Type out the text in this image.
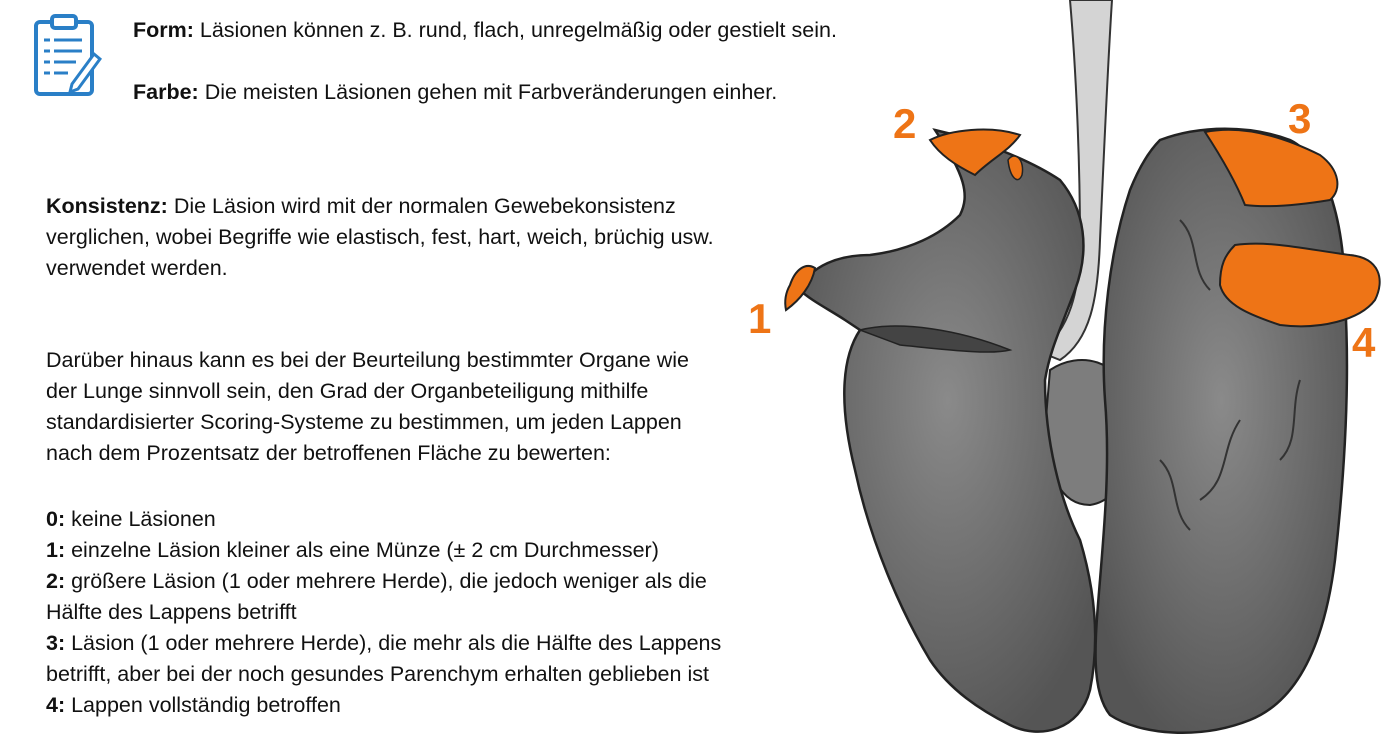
Form: Läsionen können z. B. rund, flach, unregelmäßig oder gestielt sein.
Farbe: Die meisten Läsionen gehen mit Farbveränderungen einher.
Konsistenz: Die Läsion wird mit der normalen Gewebekonsistenz
verglichen, wobei Begriffe wie elastisch, fest, hart, weich, brüchig usw.
verwendet werden.
Darüber hinaus kann es bei der Beurteilung bestimmter Organe wie
der Lunge sinnvoll sein, den Grad der Organbeteiligung mithilfe
standardisierter Scoring-Systeme zu bestimmen, um jeden Lappen
nach dem Prozentsatz der betroffenen Fläche zu bewerten:
0: keine Läsionen
1: einzelne Läsion kleiner als eine Münze (± 2 cm Durchmesser)
2: größere Läsion (1 oder mehrere Herde), die jedoch weniger als die
Hälfte des Lappens betrifft
3: Läsion (1 oder mehrere Herde), die mehr als die Hälfte des Lappens
betrifft, aber bei der noch gesundes Parenchym erhalten geblieben ist
4: Lappen vollständig betroffen
1
2	3
4
